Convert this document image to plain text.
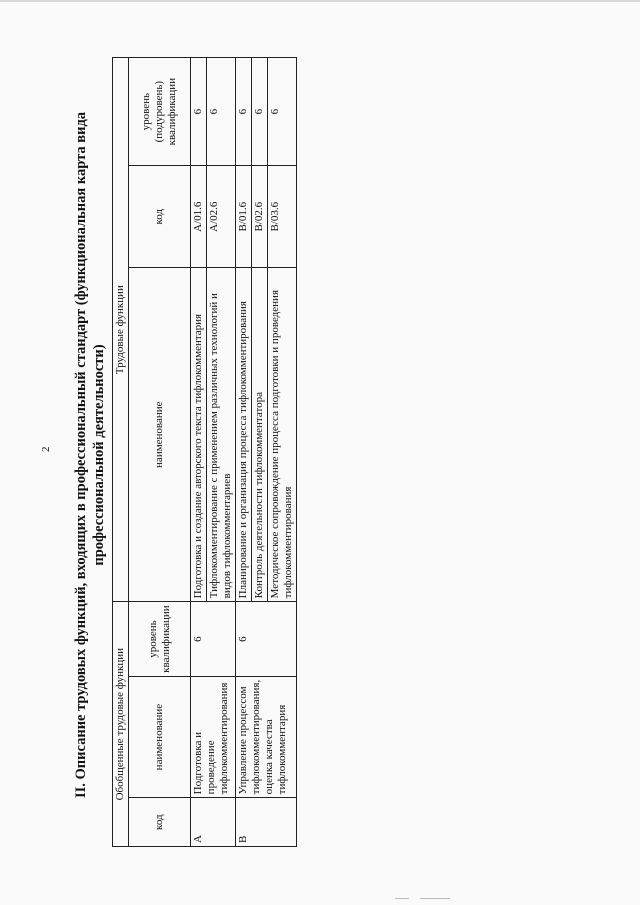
2 II. Описание трудовых функций, входящих в профессиональный стандарт (функциональная карта вида профессиональной деятельности)
Обобщенные трудовые функции			Трудовые функции		
код	наименование	уровень квалификации	наименование	код	уровень (подуровень) квалификации
A	Подготовка и проведение тифлокомментирования	6	Подготовка и создание авторского текста тифлокомментария	A/01.6	6
			Тифлокомментирование с применением различных технологий и видов тифлокомментариев	A/02.6	6
B	Управление процессом тифлокомментирования, оценка качества тифлокомментария	6	Планирование и организация процесса тифлокомментирования	B/01.6	6
			Контроль деятельности тифлокомментатора	B/02.6	6
			Методическое сопровождение процесса подготовки и проведения тифлокомментирования	B/03.6	6
